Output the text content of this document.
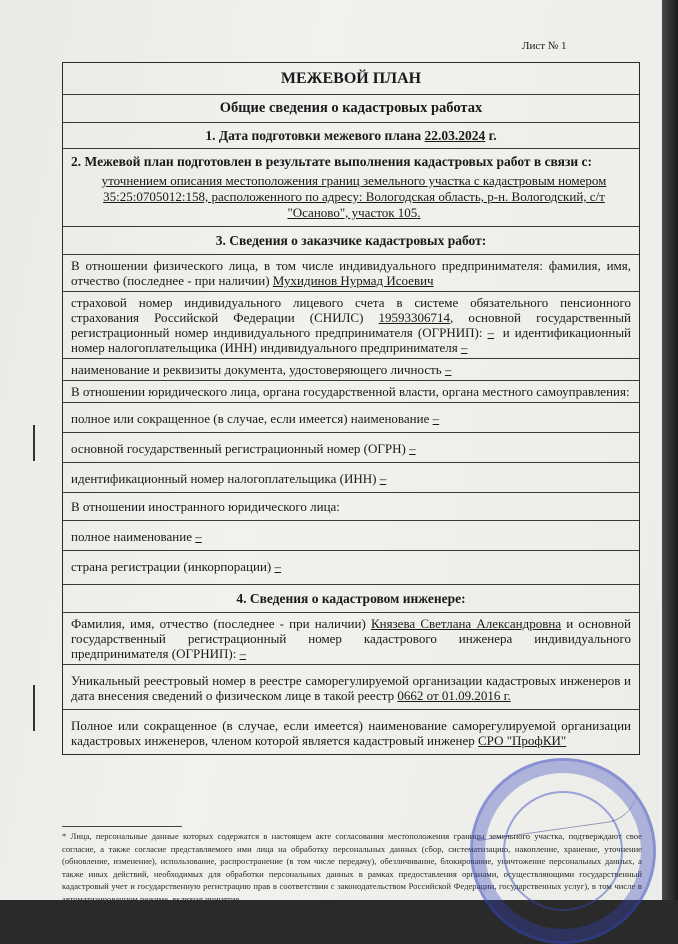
Лист № 1
МЕЖЕВОЙ ПЛАН
Общие сведения о кадастровых работах
1. Дата подготовки межевого плана 22.03.2024 г.
2. Межевой план подготовлен в результате выполнения кадастровых работ в связи с:
уточнением описания местоположения границ земельного участка с кадастровым номером 35:25:0705012:158, расположенного по адресу: Вологодская область, р-н. Вологодский, с/т "Осаново", участок 105.
3. Сведения о заказчике кадастровых работ:
В отношении физического лица, в том числе индивидуального предпринимателя: фамилия, имя, отчество (последнее - при наличии) Мухидинов Нурмад Исоевич
страховой номер индивидуального лицевого счета в системе обязательного пенсионного страхования Российской Федерации (СНИЛС) 19593306714, основной государственный регистрационный номер индивидуального предпринимателя (ОГРНИП): – и идентификационный номер налогоплательщика (ИНН) индивидуального предпринимателя –
наименование и реквизиты документа, удостоверяющего личность –
В отношении юридического лица, органа государственной власти, органа местного самоуправления:
полное или сокращенное (в случае, если имеется) наименование –
основной государственный регистрационный номер (ОГРН) –
идентификационный номер налогоплательщика (ИНН) –
В отношении иностранного юридического лица:
полное наименование –
страна регистрации (инкорпорации) –
4. Сведения о кадастровом инженере:
Фамилия, имя, отчество (последнее - при наличии) Князева Светлана Александровна и основной государственный регистрационный номер кадастрового инженера индивидуального предпринимателя (ОГРНИП): –
Уникальный реестровый номер в реестре саморегулируемой организации кадастровых инженеров и дата внесения сведений о физическом лице в такой реестр 0662 от 01.09.2016 г.
Полное или сокращенное (в случае, если имеется) наименование саморегулируемой организации кадастровых инженеров, членом которой является кадастровый инженер СРО "ПрофКИ"
* Лица, персональные данные которых содержатся в настоящем акте согласования местоположения границы земельного участка, подтверждают свое согласие, а также согласие представляемого ими лица на обработку персональных данных (сбор, систематизацию, накопление, хранение, уточнение (обновление, изменение), использование, распространение (в том числе передачу), обезличивание, блокирование, уничтожение персональных данных, а также иных действий, необходимых для обработки персональных данных в рамках предоставления органами, осуществляющими государственный кадастровый учет и государственную регистрацию прав в соответствии с законодательством Российской Федерации, государственных услуг), в том числе в автоматизированном режиме, включая принятие
